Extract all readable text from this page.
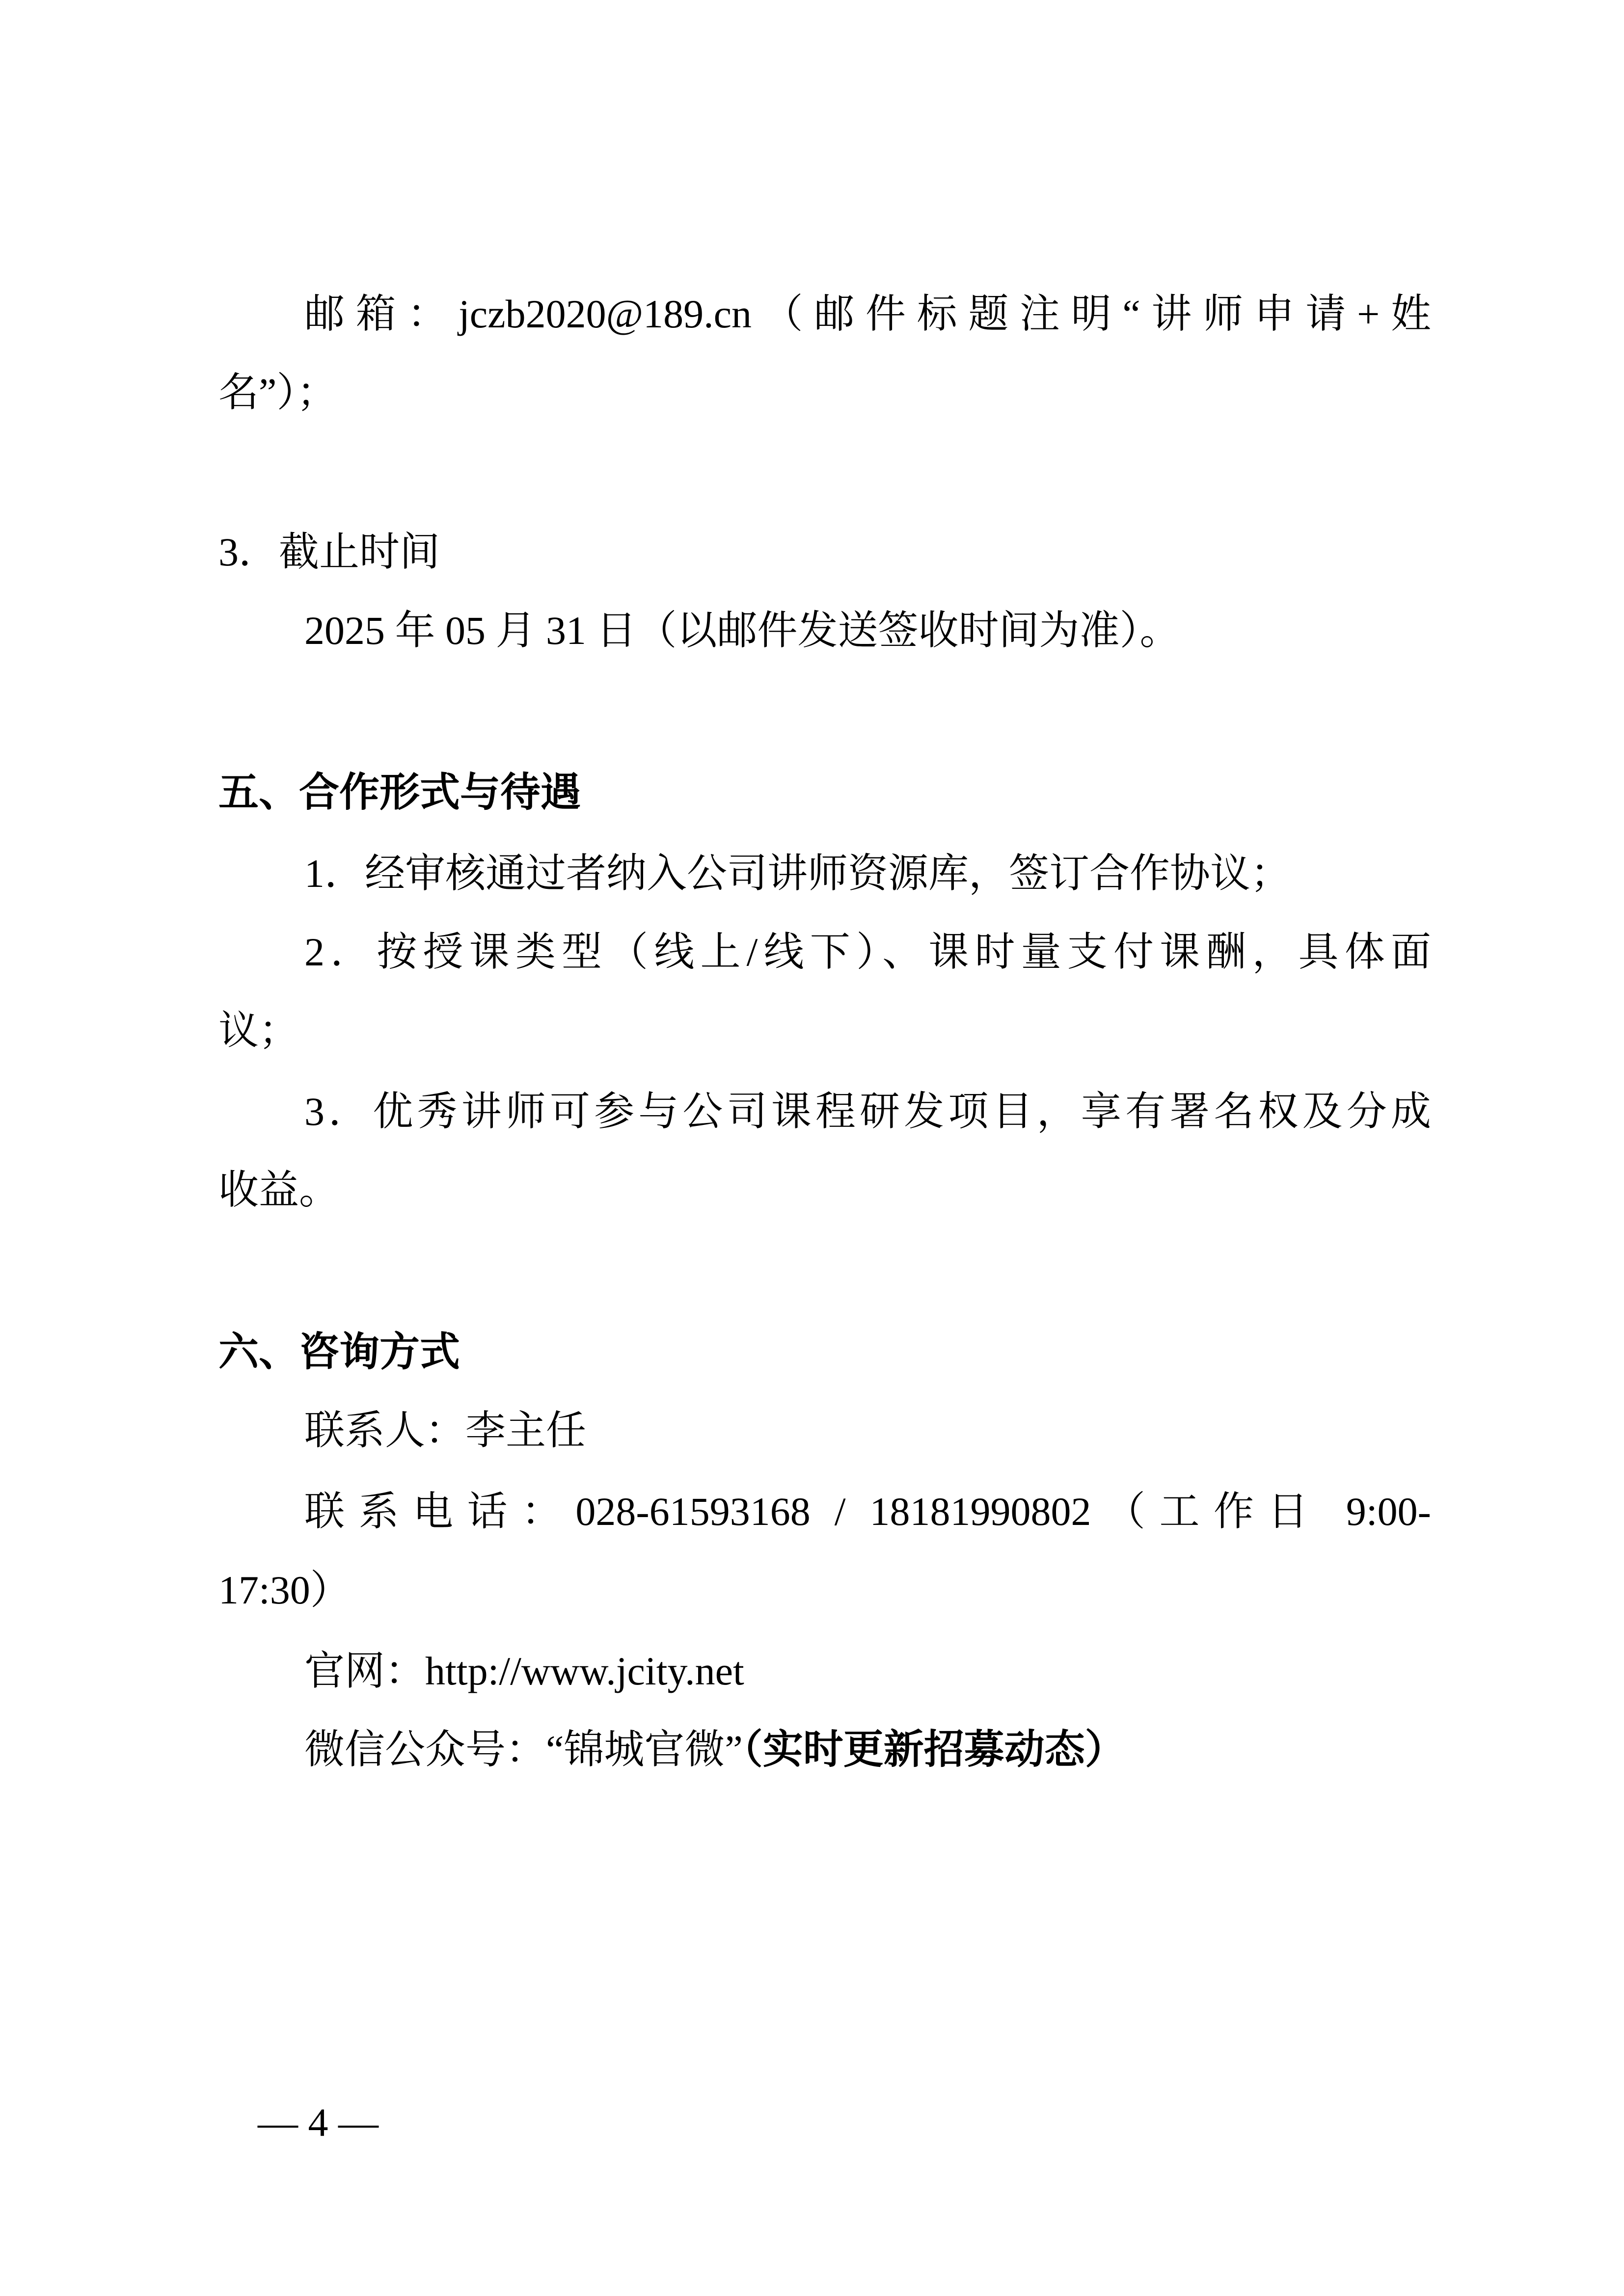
邮箱：jczb2020@189.cn（邮件标题注明“讲师申请+姓
名”）；
3．截止时间
2025 年 05 月 31 日（以邮件发送签收时间为准）。
五、合作形式与待遇
1．经审核通过者纳入公司讲师资源库，签订合作协议；
2．按授课类型（线上/线下）、课时量支付课酬，具体面
议；
3．优秀讲师可参与公司课程研发项目，享有署名权及分成
收益。
六、咨询方式
联系人：李主任
联系电话：028-61593168 / 18181990802（工作日 9:00-
17:30）
官网：http://www.jcity.net
微信公众号：“锦城官微”（实时更新招募动态）
— 4 —
